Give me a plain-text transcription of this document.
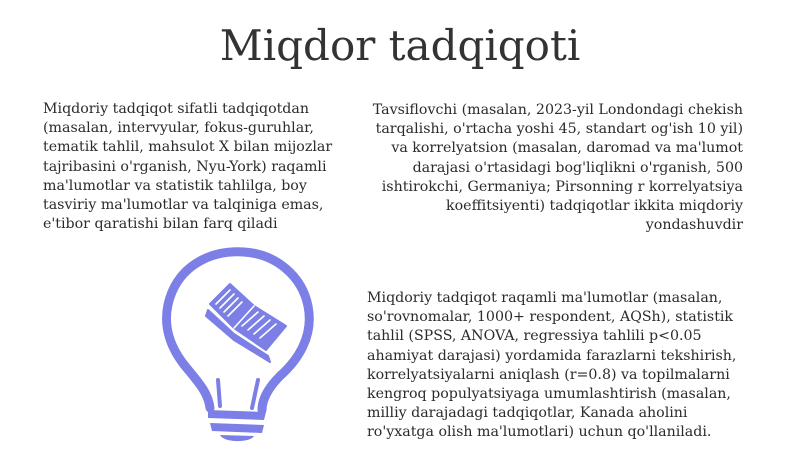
Miqdor tadqiqoti

Miqdoriy tadqiqot sifatli tadqiqotdan (masalan, intervyular, fokus-guruhlar, tematik tahlil, mahsulot X bilan mijozlar tajribasini o'rganish, Nyu-York) raqamli ma'lumotlar va statistik tahlilga, boy tasviriy ma'lumotlar va talqiniga emas, e'tibor qaratishi bilan farq qiladi

Tavsiflovchi (masalan, 2023-yil Londondagi chekish tarqalishi, o'rtacha yoshi 45, standart og'ish 10 yil) va korrelyatsion (masalan, daromad va ma'lumot darajasi o'rtasidagi bog'liqlikni o'rganish, 500 ishtirokchi, Germaniya; Pirsonning r korrelyatsiya koeffitsiyenti) tadqiqotlar ikkita miqdoriy yondashuvdir

Miqdoriy tadqiqot raqamli ma'lumotlar (masalan, so'rovnomalar, 1000+ respondent, AQSh), statistik tahlil (SPSS, ANOVA, regressiya tahlili p<0.05 ahamiyat darajasi) yordamida farazlarni tekshirish, korrelyatsiyalarni aniqlash (r=0.8) va topilmalarni kengroq populyatsiyaga umumlashtirish (masalan, milliy darajadagi tadqiqotlar, Kanada aholini ro'yxatga olish ma'lumotlari) uchun qo'llaniladi.
